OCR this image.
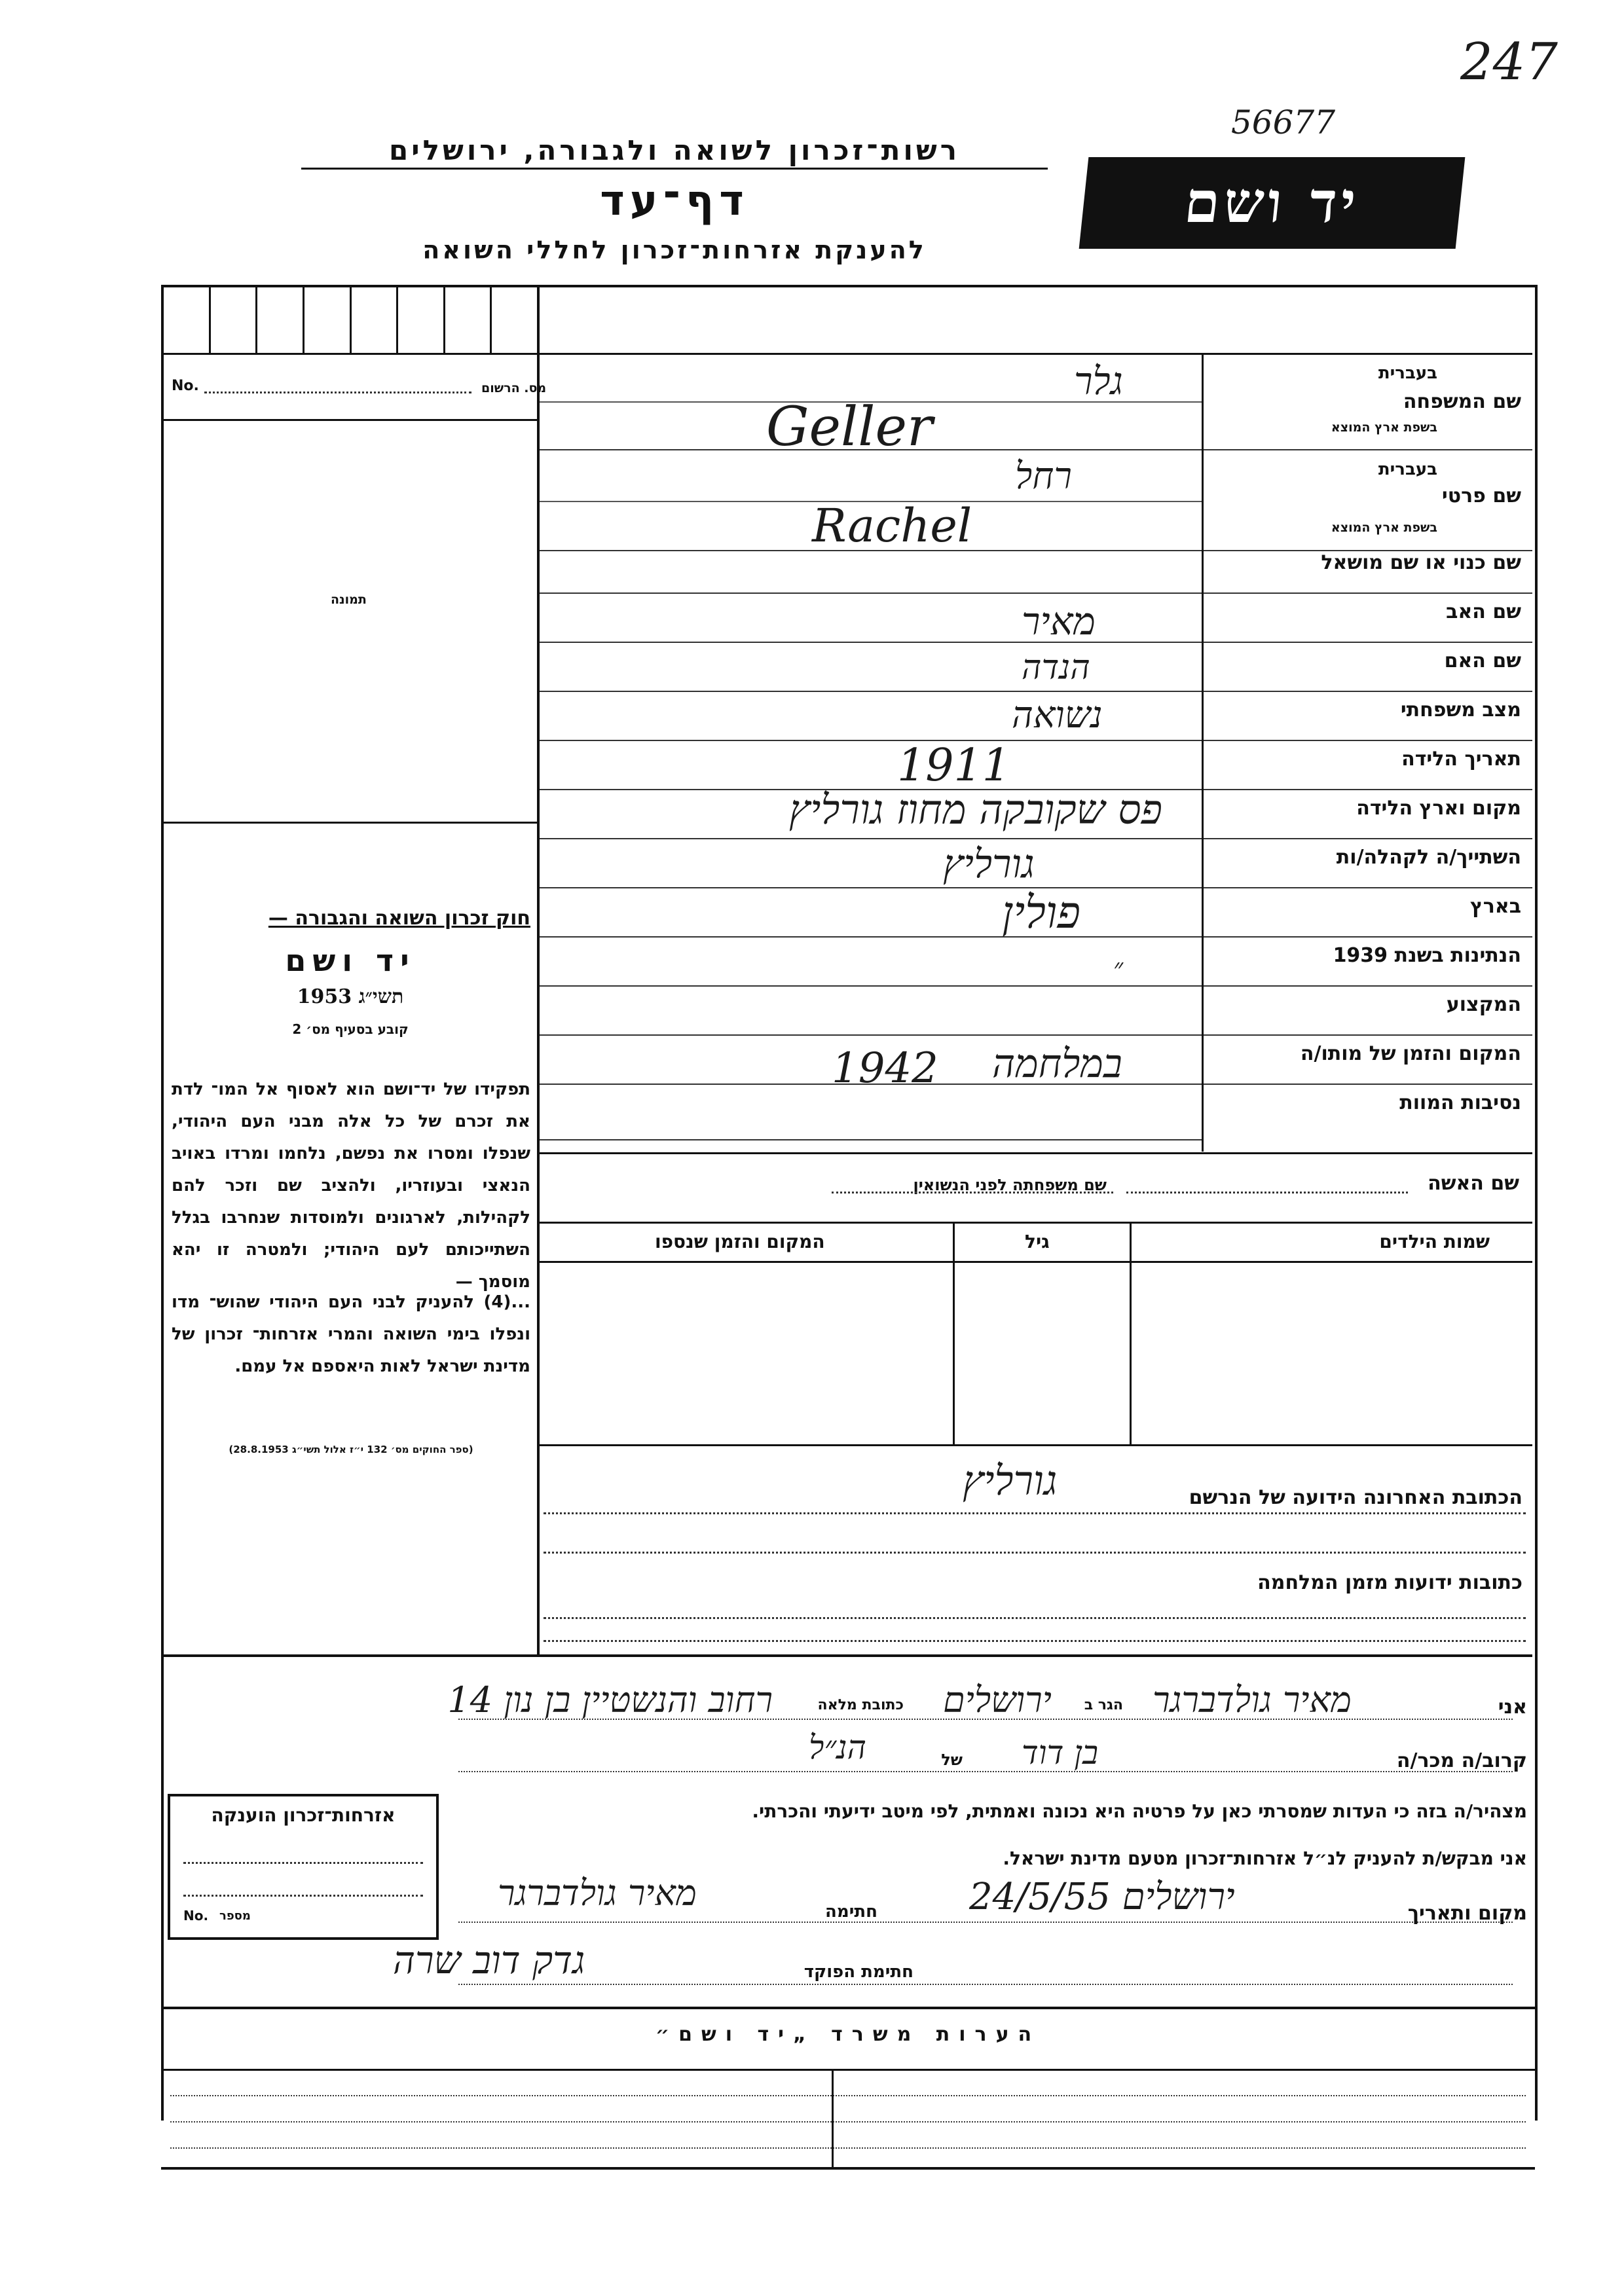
247
56677
רשות־זכרון לשואה ולגבורה, ירושלים
דף־עד
להענקת אזרחות־זכרון לחללי השואה
יד ושם
מס. הרשום
No.
תמונה
חוק זכרון השואה והגבורה —
יד ושם
תשי״ג 1953
קובע בסעיף מס׳ 2
תפקידו של יד־ושם הוא לאסוף אל המו־ לדת את זכרם של כל אלה מבני העם היהודי, שנפלו ומסרו את נפשם, נלחמו ומרדו באויב הנאצי ובעוזריו, ולהציב שם וזכר להם לקהילות, לארגונים ולמוסדות שנחרבו בגלל השתייכותם לעם היהודי; ולמטרה זו יהא מוסמך —
...(4) להעניק לבני העם היהודי שהוש־ מדו ונפלו בימי השואה והמרי אזרחות־ זכרון של מדינת ישראל לאות היאספם אל עמם.
(ספר החוקים מס׳ 132 י״ז אלול תשי״ג 28.8.1953)
שם המשפחה
בעברית
בשפת ארץ המוצא
שם פרטי
בעברית
בשפת ארץ המוצא
שם כנוי או שם מושאל
שם האב
שם האם
מצב משפחתי
תאריך הלידה
מקום וארץ הלידה
השתייך/ה לקהלה/ות
בארץ
הנתינות בשנת 1939
המקצוע
המקום והזמן של מותו/ה
נסיבות המוות
גלר
Geller
רחל
Rachel
מאיר
הנדה
נשואה
1911
פס שקובקה מחוז גורליץ
גורליץ
פולין
״
במלחמה
1942
שם האשה
שם משפחתה לפני הנשואין
שמות הילדים
גיל
המקום והזמן שנספו
הכתובת האחרונה הידועה של הנרשם
גורליץ
כתובות ידועות מזמן המלחמה
אני
מאיר גולדברגר
הגר ב
ירושלים
כתובת מלאה
רחוב והנשטיין בן נון 14
קרוב/ה מכר/ה
בן דוד
של
הנ״ל
מצהיר/ה בזה כי העדות שמסרתי כאן על פרטיה היא נכונה ואמתית, לפי מיטב ידיעתי והכרתי.
אני מבקש/ת להעניק לנ״ל אזרחות־זכרון מטעם מדינת ישראל.
מקום ותאריך
ירושלים 24/5/55
חתימה
מאיר גולדברגר
חתימת הפוקד
גדק דוב שרה
אזרחות־זכרון הוענקה
No. מספר
הערות משרד „יד ושם״
